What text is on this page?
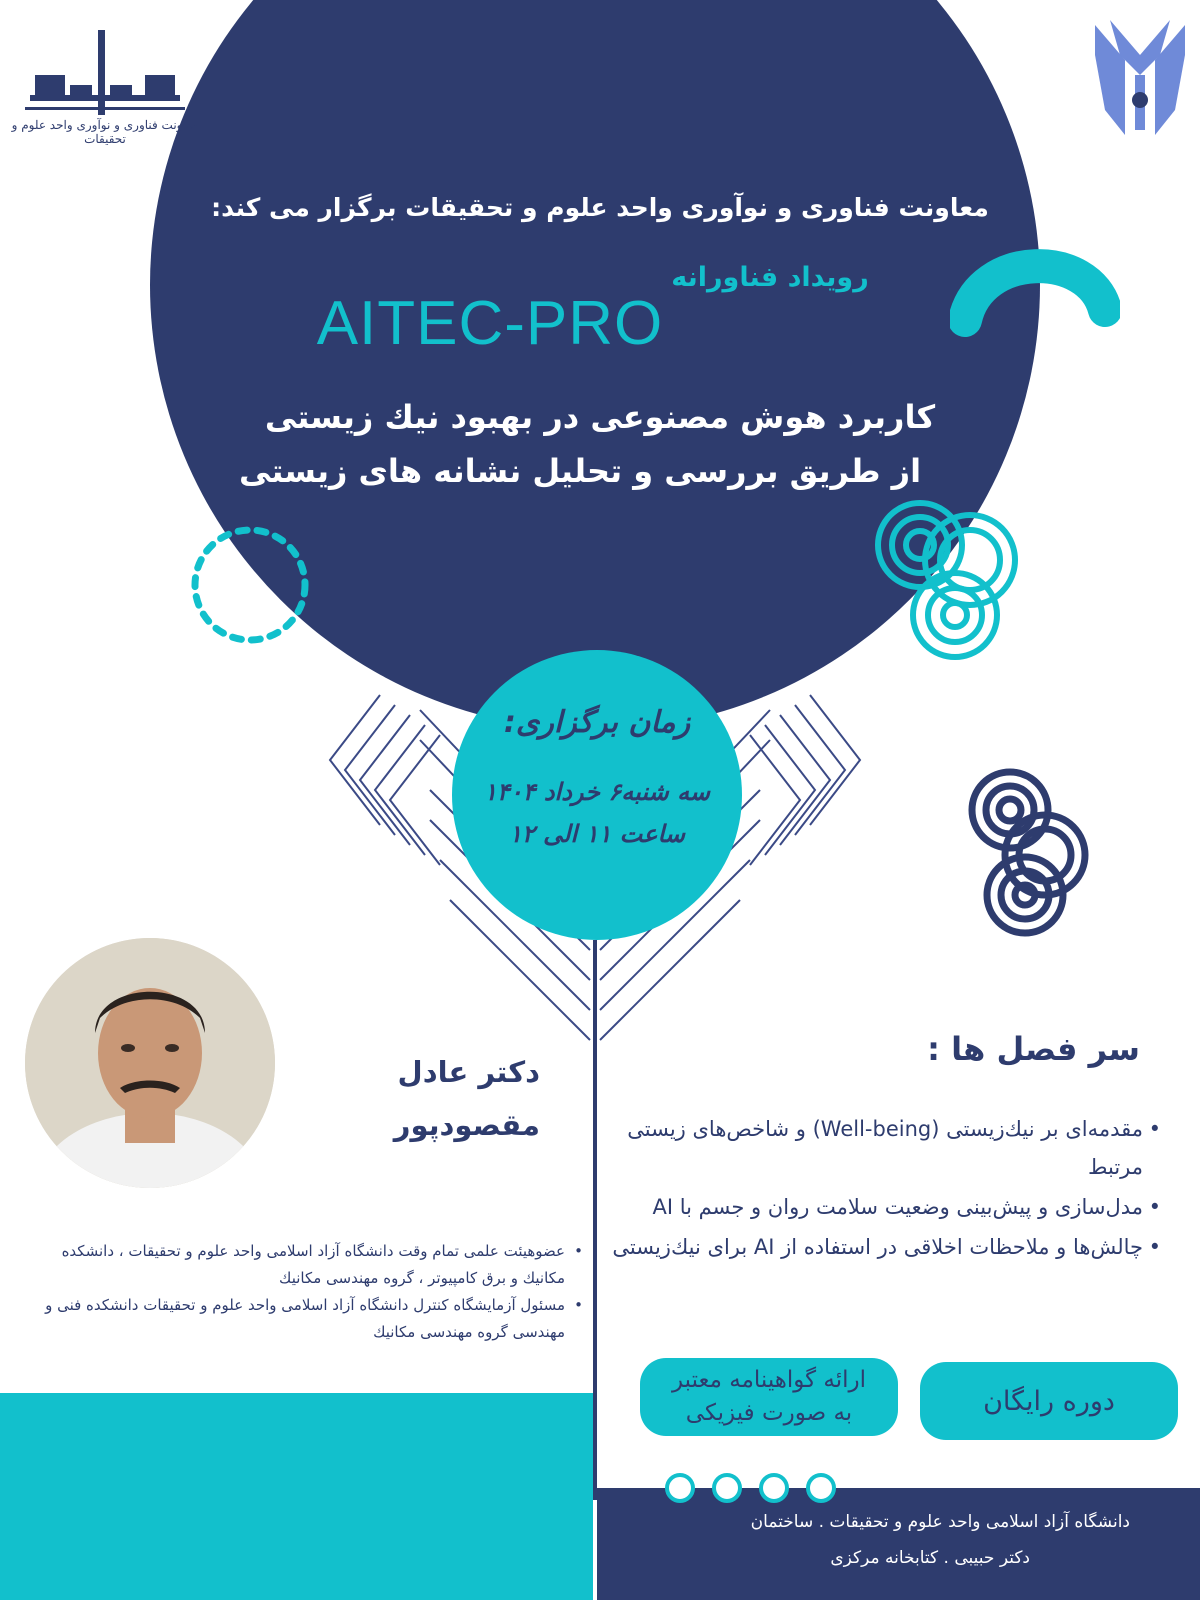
معاونت فناوری و نوآوری واحد علوم و تحقیقات
معاونت فناوری و نوآوری واحد علوم و تحقیقات برگزار می کند:
رویداد فناورانه
AITEC-PRO
کاربرد هوش مصنوعی در بهبود نیك زیستی
از طریق بررسی و تحلیل نشانه های زیستی
زمان برگزاری:
سه شنبه۶ خرداد ۱۴۰۴
ساعت ۱۱ الی ۱۲
دکتر عادل
مقصودپور
• عضوهیئت علمی تمام وقت دانشگاه آزاد اسلامی واحد علوم و تحقیقات ، دانشکده مکانیك و برق کامپیوتر ، گروه مهندسی مکانیك
• مسئول آزمایشگاه کنترل دانشگاه آزاد اسلامی واحد علوم و تحقیقات دانشکده فنی و مهندسی گروه مهندسی مکانیك
سر فصل ها :
• مقدمه‌ای بر نیك‌زیستی (Well-being) و شاخص‌های زیستی مرتبط
• مدل‌سازی و پیش‌بینی وضعیت سلامت روان و جسم با AI
• چالش‌ها و ملاحظات اخلاقی در استفاده از AI برای نیك‌زیستی
دوره رایگان
ارائه گواهینامه معتبر
به صورت فیزیکی
دانشگاه آزاد اسلامی واحد علوم و تحقیقات . ساختمان
دکتر حبیبی . کتابخانه مرکزی
